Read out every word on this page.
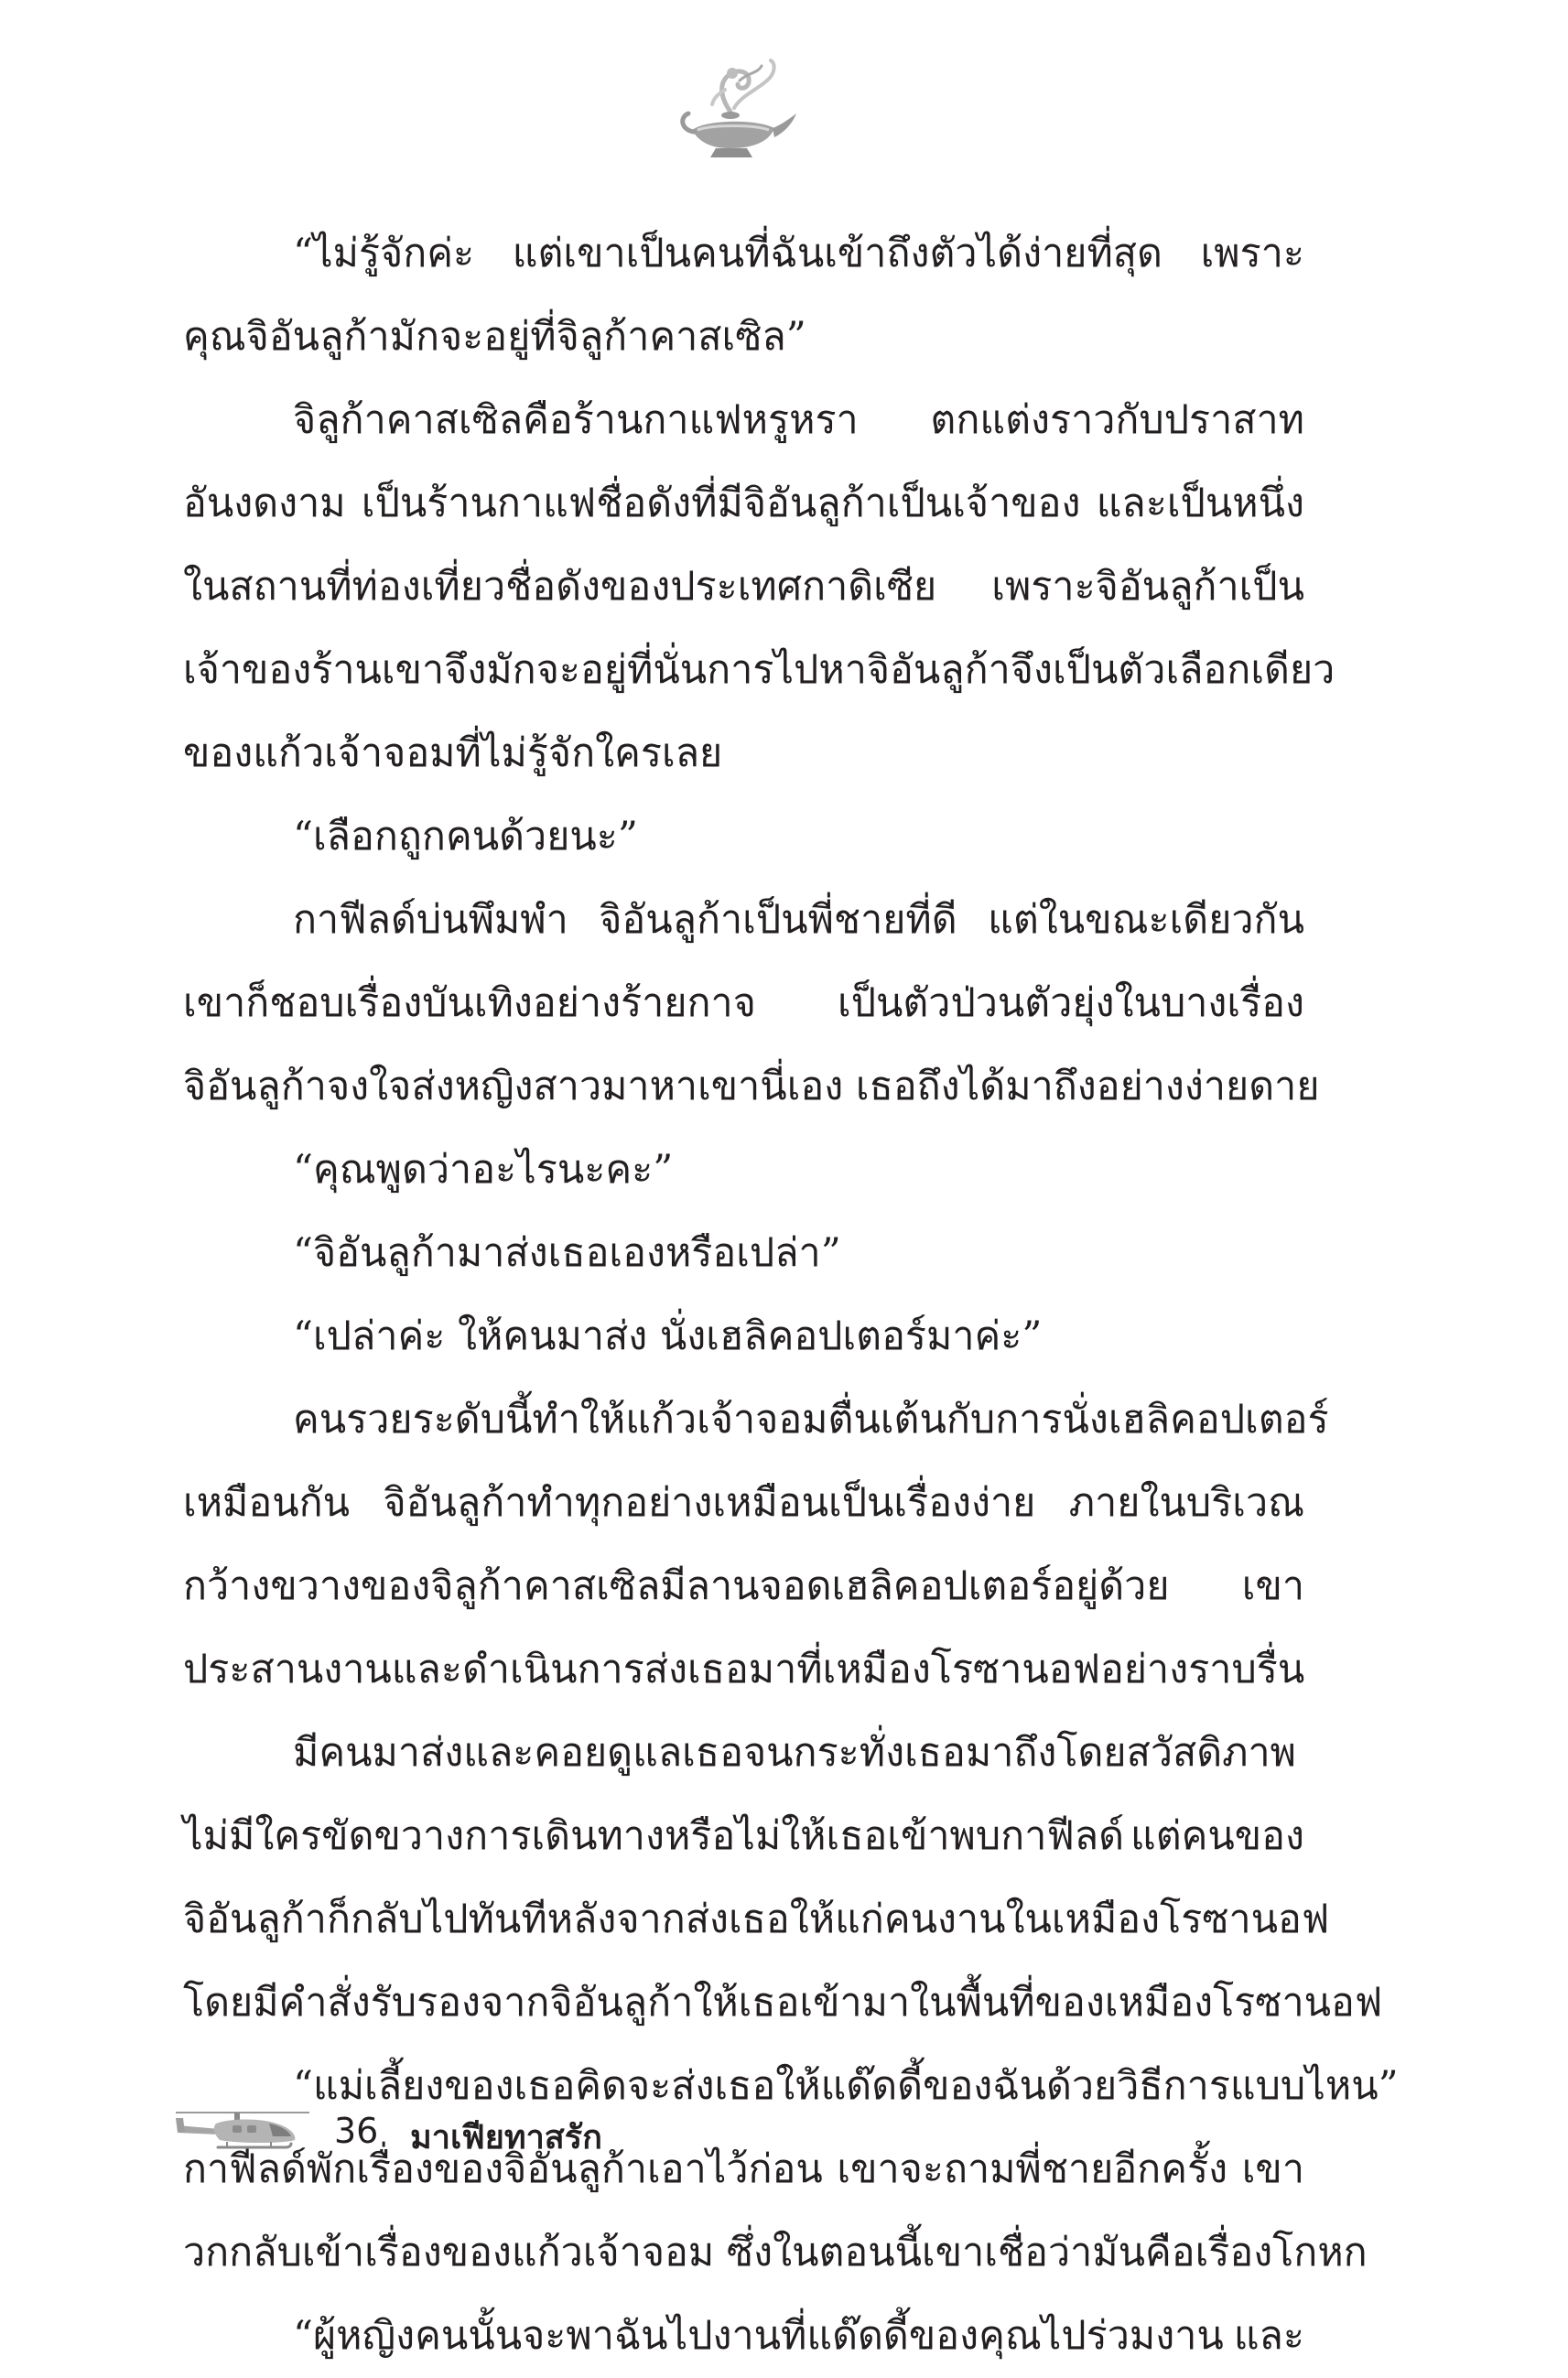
“ไม่รู้จักค่ะ แต่เขาเป็นคนที่ฉันเข้าถึงตัวได้ง่ายที่สุด เพราะ
คุณจิอันลูก้ามักจะอยู่ที่จิลูก้าคาสเซิล”
จิลูก้าคาสเซิลคือร้านกาแฟหรูหรา ตกแต่งราวกับปราสาท
อันงดงาม เป็นร้านกาแฟชื่อดังที่มีจิอันลูก้าเป็นเจ้าของ และเป็นหนึ่ง
ในสถานที่ท่องเที่ยวชื่อดังของประเทศกาดิเซีย เพราะจิอันลูก้าเป็น
เจ้าของร้าน เขาจึงมักจะอยู่ที่นั่น การไปหาจิอันลูก้าจึงเป็นตัวเลือกเดียว
ของแก้วเจ้าจอมที่ไม่รู้จักใครเลย
“เลือกถูกคนด้วยนะ”
กาฟีลด์บ่นพึมพำ จิอันลูก้าเป็นพี่ชายที่ดี แต่ในขณะเดียวกัน
เขาก็ชอบเรื่องบันเทิงอย่างร้ายกาจ เป็นตัวป่วนตัวยุ่งในบางเรื่อง
จิอันลูก้าจงใจส่งหญิงสาวมาหาเขานี่เอง เธอถึงได้มาถึงอย่างง่ายดาย
“คุณพูดว่าอะไรนะคะ”
“จิอันลูก้ามาส่งเธอเองหรือเปล่า”
“เปล่าค่ะ ให้คนมาส่ง นั่งเฮลิคอปเตอร์มาค่ะ”
คนรวยระดับนี้ทำให้แก้วเจ้าจอมตื่นเต้นกับการนั่งเฮลิคอปเตอร์
เหมือนกัน จิอันลูก้าทำทุกอย่างเหมือนเป็นเรื่องง่าย ภายในบริเวณ
กว้างขวางของจิลูก้าคาสเซิลมีลานจอดเฮลิคอปเตอร์อยู่ด้วย เขา
ประสานงานและดำเนินการส่งเธอมาที่เหมืองโรซานอฟอย่างราบรื่น
มีคนมาส่งและคอยดูแลเธอจนกระทั่งเธอมาถึงโดยสวัสดิภาพ
ไม่มีใครขัดขวางการเดินทางหรือไม่ให้เธอเข้าพบกาฟีลด์ แต่คนของ
จิอันลูก้าก็กลับไปทันที หลังจากส่งเธอให้แก่คนงานในเหมืองโรซานอฟ
โดยมีคำสั่งรับรองจากจิอันลูก้าให้เธอเข้ามาในพื้นที่ของเหมืองโรซานอฟ
“แม่เลี้ยงของเธอคิดจะส่งเธอให้แด๊ดดี้ของฉันด้วยวิธีการแบบไหน”
กาฟีลด์พักเรื่องของจิอันลูก้าเอาไว้ก่อน เขาจะถามพี่ชายอีกครั้ง เขา
วกกลับเข้าเรื่องของแก้วเจ้าจอม ซึ่งในตอนนี้เขาเชื่อว่ามันคือเรื่องโกหก
“ผู้หญิงคนนั้นจะพาฉันไปงานที่แด๊ดดี้ของคุณไปร่วมงาน และ
36 มาเฟียทาสรัก
